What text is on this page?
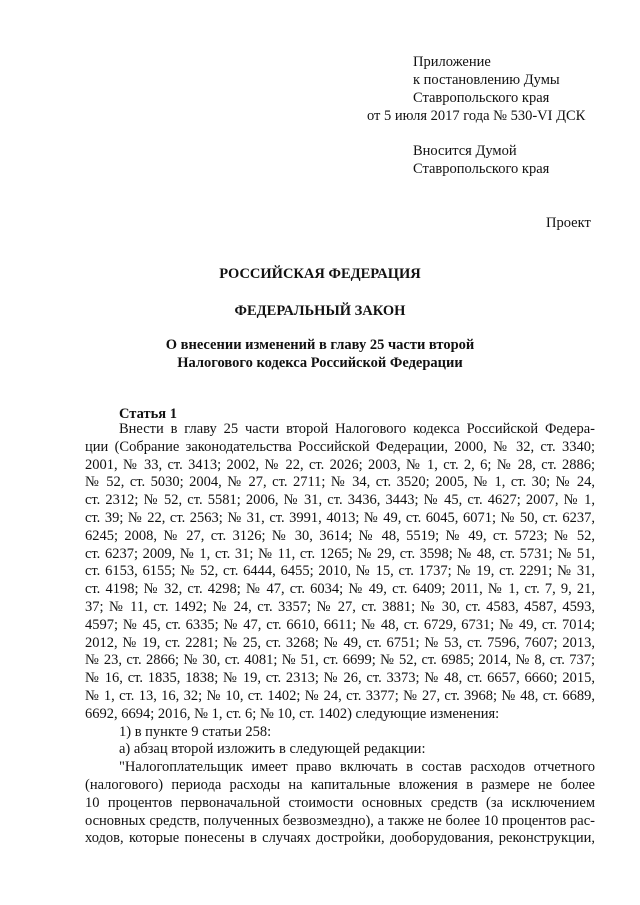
Приложение
к постановлению Думы
Ставропольского края
от 5 июля 2017 года № 530-VI ДСК
Вносится Думой
Ставропольского края
Проект
РОССИЙСКАЯ ФЕДЕРАЦИЯ
ФЕДЕРАЛЬНЫЙ ЗАКОН
О внесении изменений в главу 25 части второй
Налогового кодекса Российской Федерации
Статья 1
Внести в главу 25 части второй Налогового кодекса Российской Федера-
ции (Собрание законодательства Российской Федерации, 2000, № 32, ст. 3340;
2001, № 33, ст. 3413; 2002, № 22, ст. 2026; 2003, № 1, ст. 2, 6; № 28, ст. 2886;
№ 52, ст. 5030; 2004, № 27, ст. 2711; № 34, ст. 3520; 2005, № 1, ст. 30; № 24,
ст. 2312; № 52, ст. 5581; 2006, № 31, ст. 3436, 3443; № 45, ст. 4627; 2007, № 1,
ст. 39; № 22, ст. 2563; № 31, ст. 3991, 4013; № 49, ст. 6045, 6071; № 50, ст. 6237,
6245; 2008, № 27, ст. 3126; № 30, 3614; № 48, 5519; № 49, ст. 5723; № 52,
ст. 6237; 2009, № 1, ст. 31; № 11, ст. 1265; № 29, ст. 3598; № 48, ст. 5731; № 51,
ст. 6153, 6155; № 52, ст. 6444, 6455; 2010, № 15, ст. 1737; № 19, ст. 2291; № 31,
ст. 4198; № 32, ст. 4298; № 47, ст. 6034; № 49, ст. 6409; 2011, № 1, ст. 7, 9, 21,
37; № 11, ст. 1492; № 24, ст. 3357; № 27, ст. 3881; № 30, ст. 4583, 4587, 4593,
4597; № 45, ст. 6335; № 47, ст. 6610, 6611; № 48, ст. 6729, 6731; № 49, ст. 7014;
2012, № 19, ст. 2281; № 25, ст. 3268; № 49, ст. 6751; № 53, ст. 7596, 7607; 2013,
№ 23, ст. 2866; № 30, ст. 4081; № 51, ст. 6699; № 52, ст. 6985; 2014, № 8, ст. 737;
№ 16, ст. 1835, 1838; № 19, ст. 2313; № 26, ст. 3373; № 48, ст. 6657, 6660; 2015,
№ 1, ст. 13, 16, 32; № 10, ст. 1402; № 24, ст. 3377; № 27, ст. 3968; № 48, ст. 6689,
6692, 6694; 2016, № 1, ст. 6; № 10, ст. 1402) следующие изменения:
1) в пункте 9 статьи 258:
а) абзац второй изложить в следующей редакции:
"Налогоплательщик имеет право включать в состав расходов отчетного
(налогового) периода расходы на капитальные вложения в размере не более
10 процентов первоначальной стоимости основных средств (за исключением
основных средств, полученных безвозмездно), а также не более 10 процентов рас-
ходов, которые понесены в случаях достройки, дооборудования, реконструкции,
